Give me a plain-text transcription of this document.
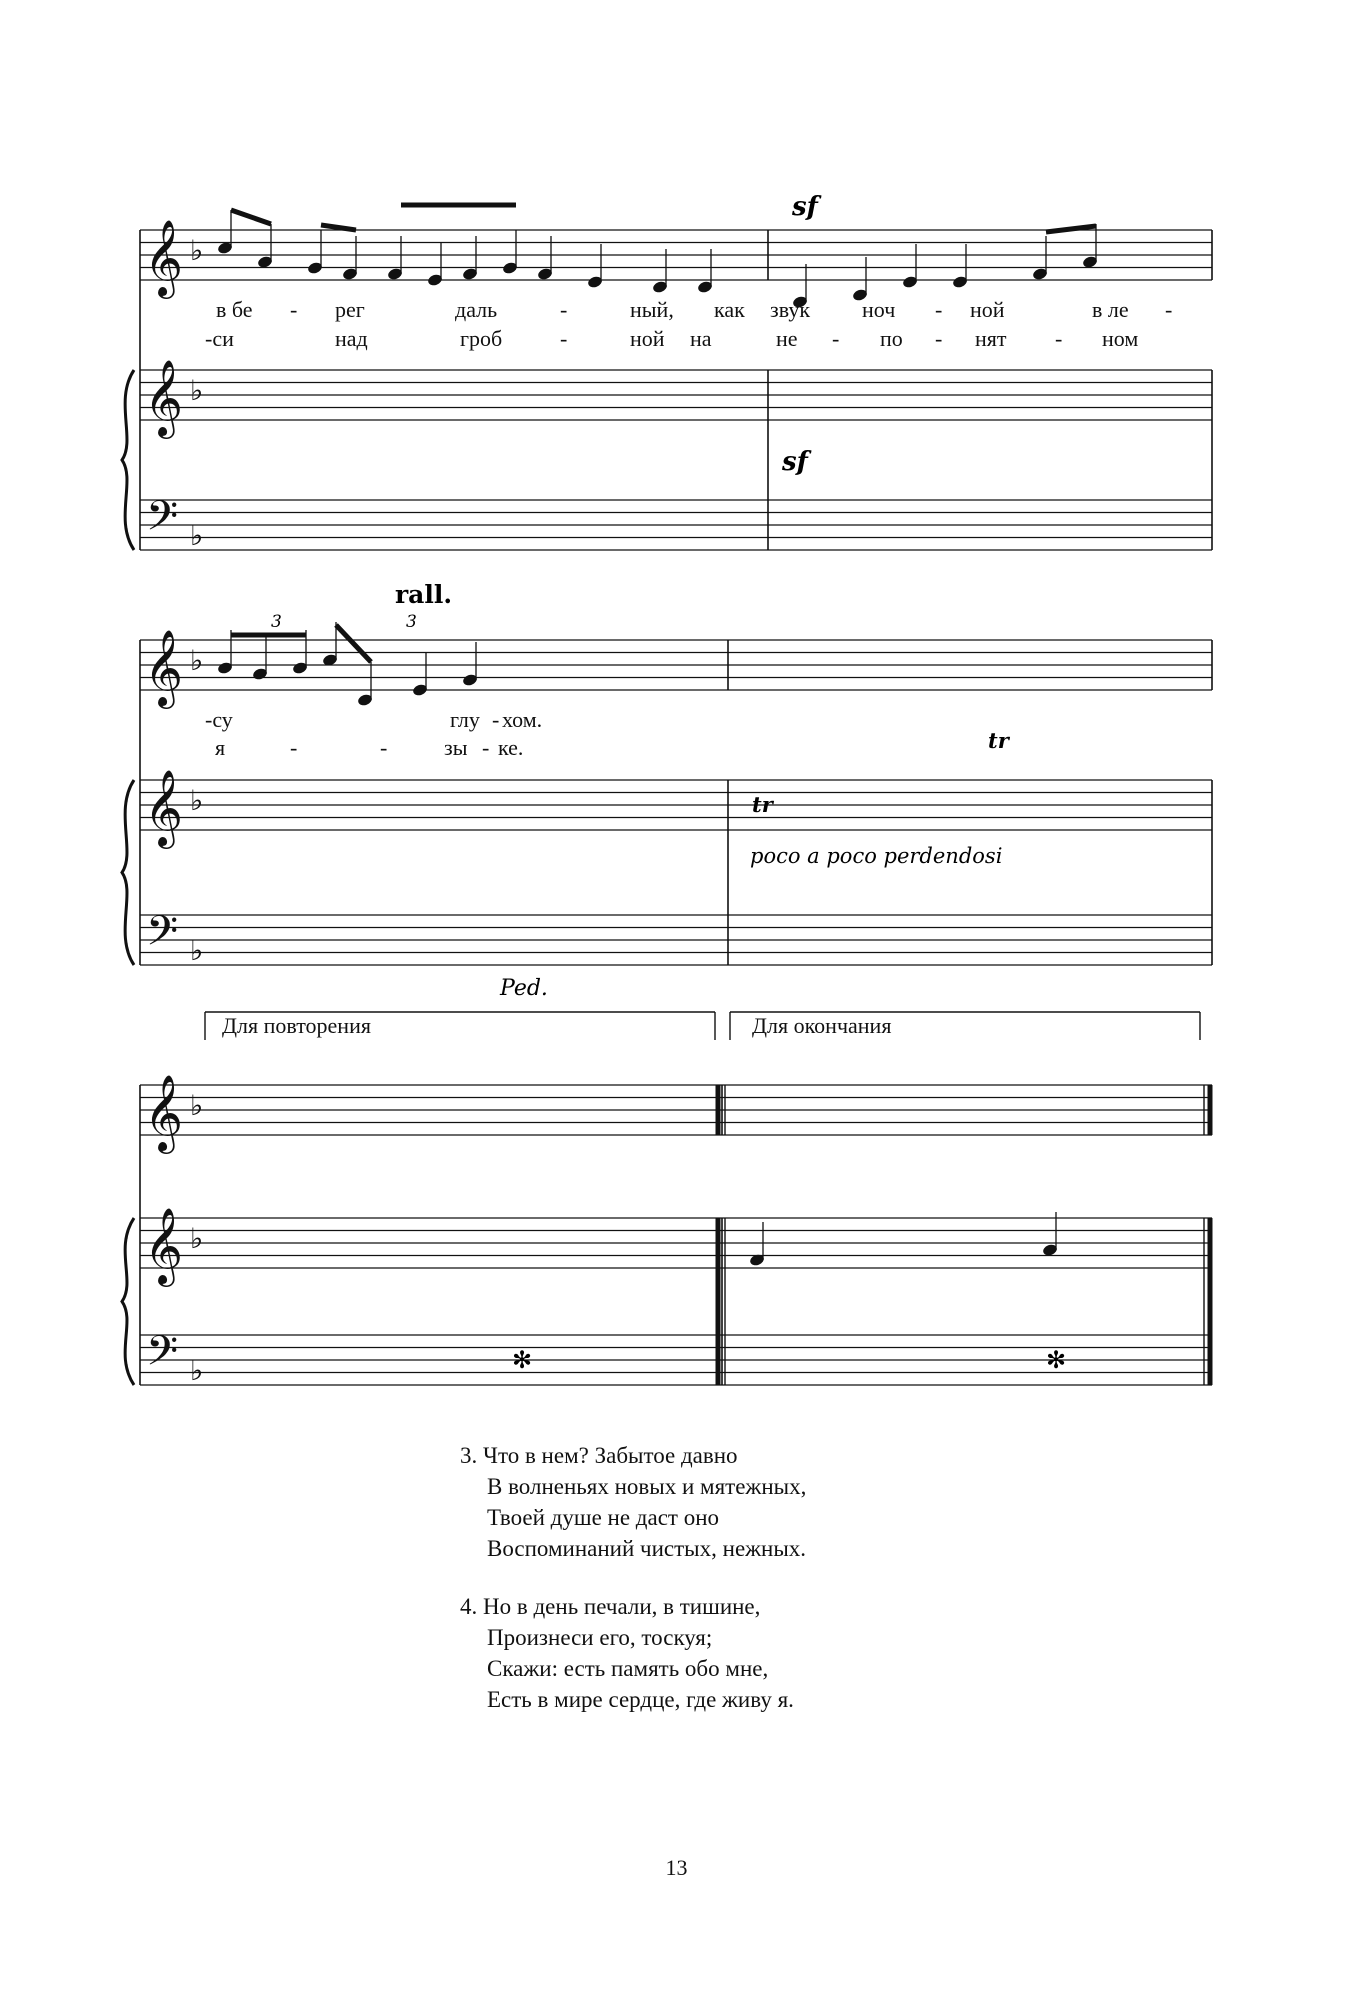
𝄞 ♭
𝄞 ♭
𝄢 ♭
𝄞 ♭
𝄞 ♭
𝄢 ♭
𝄞 ♭
𝄞 ♭
𝄢 ♭
sf
sf
в бе - рег	даль	-	ный, как звук ноч - ной	в ле -
-си	над	гроб	-	ной на	не - по - нят - ном
rall.
3	3
-су	глу - хом.
я	-	-	зы - ке.
tr
tr
poco a poco perdendosi
Ped.
Для повторения	Для окончания
✻	✻
3. Что в нем? Забытое давно
В волненьях новых и мятежных,
Твоей душе не даст оно
Воспоминаний чистых, нежных.
4. Но в день печали, в тишине,
Произнеси его, тоскуя;
Скажи: есть память обо мне,
Есть в мире сердце, где живу я.
13
